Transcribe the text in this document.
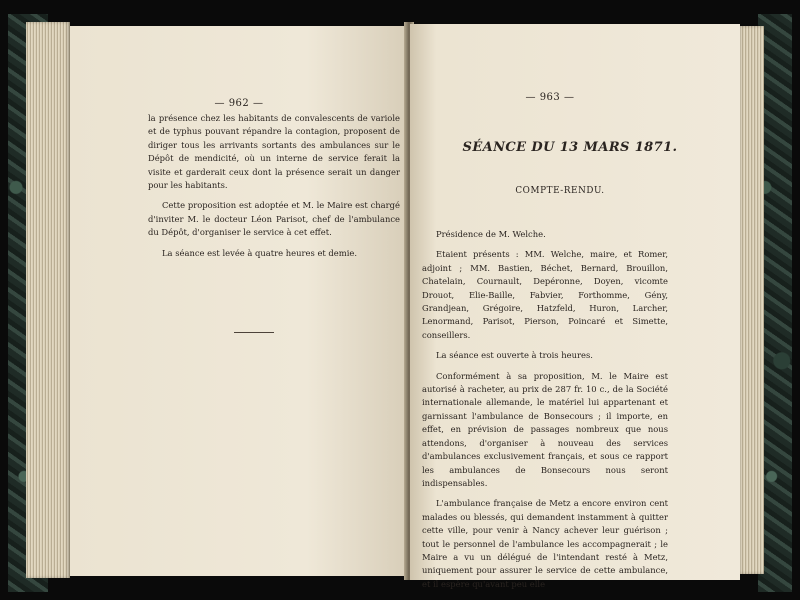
— 962 —

la présence chez les habitants de convalescents de variole et de typhus pouvant répandre la contagion, proposent de diriger tous les arrivants sortants des ambulances sur le Dépôt de mendicité, où un interne de service ferait la visite et garderait ceux dont la présence serait un danger pour les habitants.

Cette proposition est adoptée et M. le Maire est chargé d'inviter M. le docteur Léon Parisot, chef de l'ambulance du Dépôt, d'organiser le service à cet effet.

La séance est levée à quatre heures et demie.

— 963 —
SÉANCE DU 13 MARS 1871.
COMPTE-RENDU.

Présidence de M. Welche.

Etaient présents : MM. Welche, maire, et Romer, adjoint ; MM. Bastien, Béchet, Bernard, Brouillon, Chatelain, Cournault, Depéronne, Doyen, vicomte Drouot, Elie-Baille, Fabvier, Forthomme, Gény, Grandjean, Grégoire, Hatzfeld, Huron, Larcher, Lenormand, Parisot, Pierson, Poincaré et Simette, conseillers.

La séance est ouverte à trois heures.

Conformément à sa proposition, M. le Maire est autorisé à racheter, au prix de 287 fr. 10 c., de la Société internationale allemande, le matériel lui appartenant et garnissant l'ambulance de Bonsecours ; il importe, en effet, en prévision de passages nombreux que nous attendons, d'organiser à nouveau des services d'ambulances exclusivement français, et sous ce rapport les ambulances de Bonsecours nous seront indispensables.

L'ambulance française de Metz a encore environ cent malades ou blessés, qui demandent instamment à quitter cette ville, pour venir à Nancy achever leur guérison ; tout le personnel de l'ambulance les accompagnerait ; le Maire a vu un délégué de l'intendant resté à Metz, uniquement pour assurer le service de cette ambulance, et il espère qu'avant peu elle
